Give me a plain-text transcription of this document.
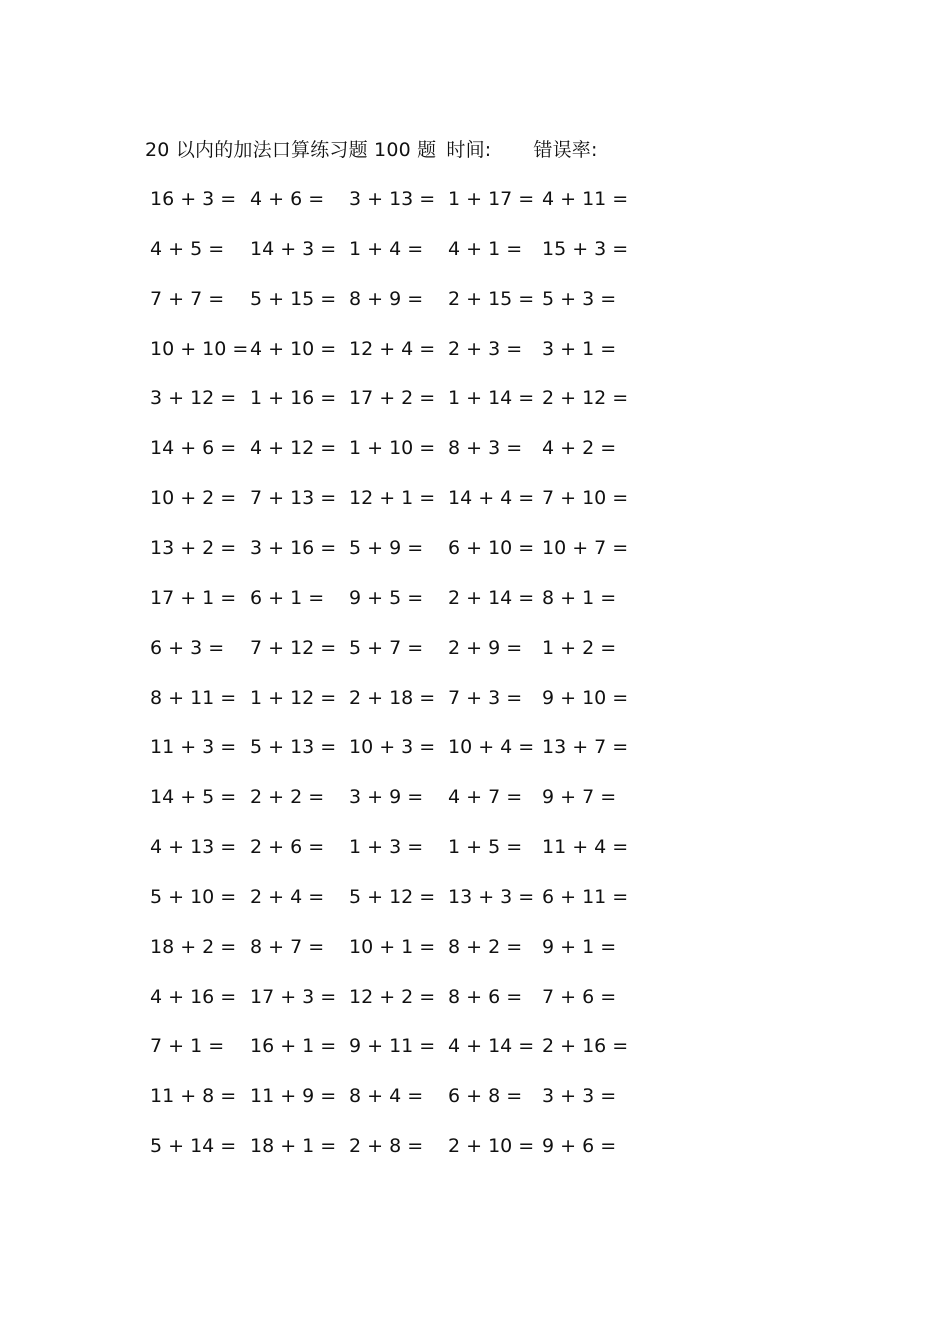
20 以内的加法口算练习题 100 题 时间: 错误率:
16 + 3 = 4 + 6 = 3 + 13 = 1 + 17 = 4 + 11 =
4 + 5 = 14 + 3 = 1 + 4 = 4 + 1 = 15 + 3 =
7 + 7 = 5 + 15 = 8 + 9 = 2 + 15 = 5 + 3 =
10 + 10 = 4 + 10 = 12 + 4 = 2 + 3 = 3 + 1 =
3 + 12 = 1 + 16 = 17 + 2 = 1 + 14 = 2 + 12 =
14 + 6 = 4 + 12 = 1 + 10 = 8 + 3 = 4 + 2 =
10 + 2 = 7 + 13 = 12 + 1 = 14 + 4 = 7 + 10 =
13 + 2 = 3 + 16 = 5 + 9 = 6 + 10 = 10 + 7 =
17 + 1 = 6 + 1 = 9 + 5 = 2 + 14 = 8 + 1 =
6 + 3 = 7 + 12 = 5 + 7 = 2 + 9 = 1 + 2 =
8 + 11 = 1 + 12 = 2 + 18 = 7 + 3 = 9 + 10 =
11 + 3 = 5 + 13 = 10 + 3 = 10 + 4 = 13 + 7 =
14 + 5 = 2 + 2 = 3 + 9 = 4 + 7 = 9 + 7 =
4 + 13 = 2 + 6 = 1 + 3 = 1 + 5 = 11 + 4 =
5 + 10 = 2 + 4 = 5 + 12 = 13 + 3 = 6 + 11 =
18 + 2 = 8 + 7 = 10 + 1 = 8 + 2 = 9 + 1 =
4 + 16 = 17 + 3 = 12 + 2 = 8 + 6 = 7 + 6 =
7 + 1 = 16 + 1 = 9 + 11 = 4 + 14 = 2 + 16 =
11 + 8 = 11 + 9 = 8 + 4 = 6 + 8 = 3 + 3 =
5 + 14 = 18 + 1 = 2 + 8 = 2 + 10 = 9 + 6 =
